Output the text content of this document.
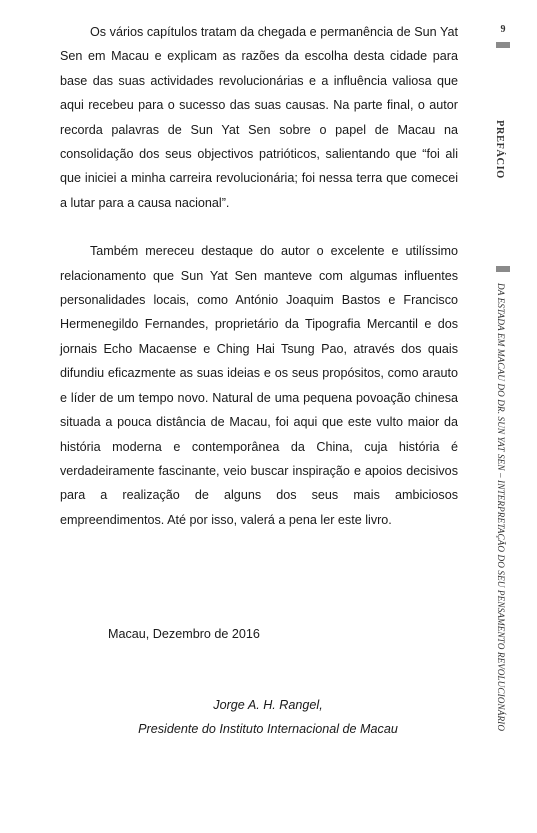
Os vários capítulos tratam da chegada e permanência de Sun Yat Sen em Macau e explicam as razões da escolha desta cidade para base das suas actividades revolucionárias e a influência valiosa que aqui recebeu para o sucesso das suas causas. Na parte final, o autor recorda palavras de Sun Yat Sen sobre o papel de Macau na consolidação dos seus objectivos patrióticos, salientando que “foi ali que iniciei a minha carreira revolucionária; foi nessa terra que comecei a lutar para a causa nacional”.

Também mereceu destaque do autor o excelente e utilíssimo relacionamento que Sun Yat Sen manteve com algumas influentes personalidades locais, como António Joaquim Bastos e Francisco Hermenegildo Fernandes, proprietário da Tipografia Mercantil e dos jornais Echo Macaense e Ching Hai Tsung Pao, através dos quais difundiu eficazmente as suas ideias e os seus propósitos, como arauto e líder de um tempo novo. Natural de uma pequena povoação chinesa situada a pouca distância de Macau, foi aqui que este vulto maior da história moderna e contemporânea da China, cuja história é verdadeiramente fascinante, veio buscar inspiração e apoios decisivos para a realização de alguns dos seus mais ambiciosos empreendimentos. Até por isso, valerá a pena ler este livro.

Macau, Dezembro de 2016
Jorge A. H. Rangel,
Presidente do Instituto Internacional de Macau
9
PREFÁCIO
DA ESTADA EM MACAU DO DR. SUN YAT SEN – INTERPRETAÇÃO DO SEU PENSAMENTO REVOLUCIONÁRIO
